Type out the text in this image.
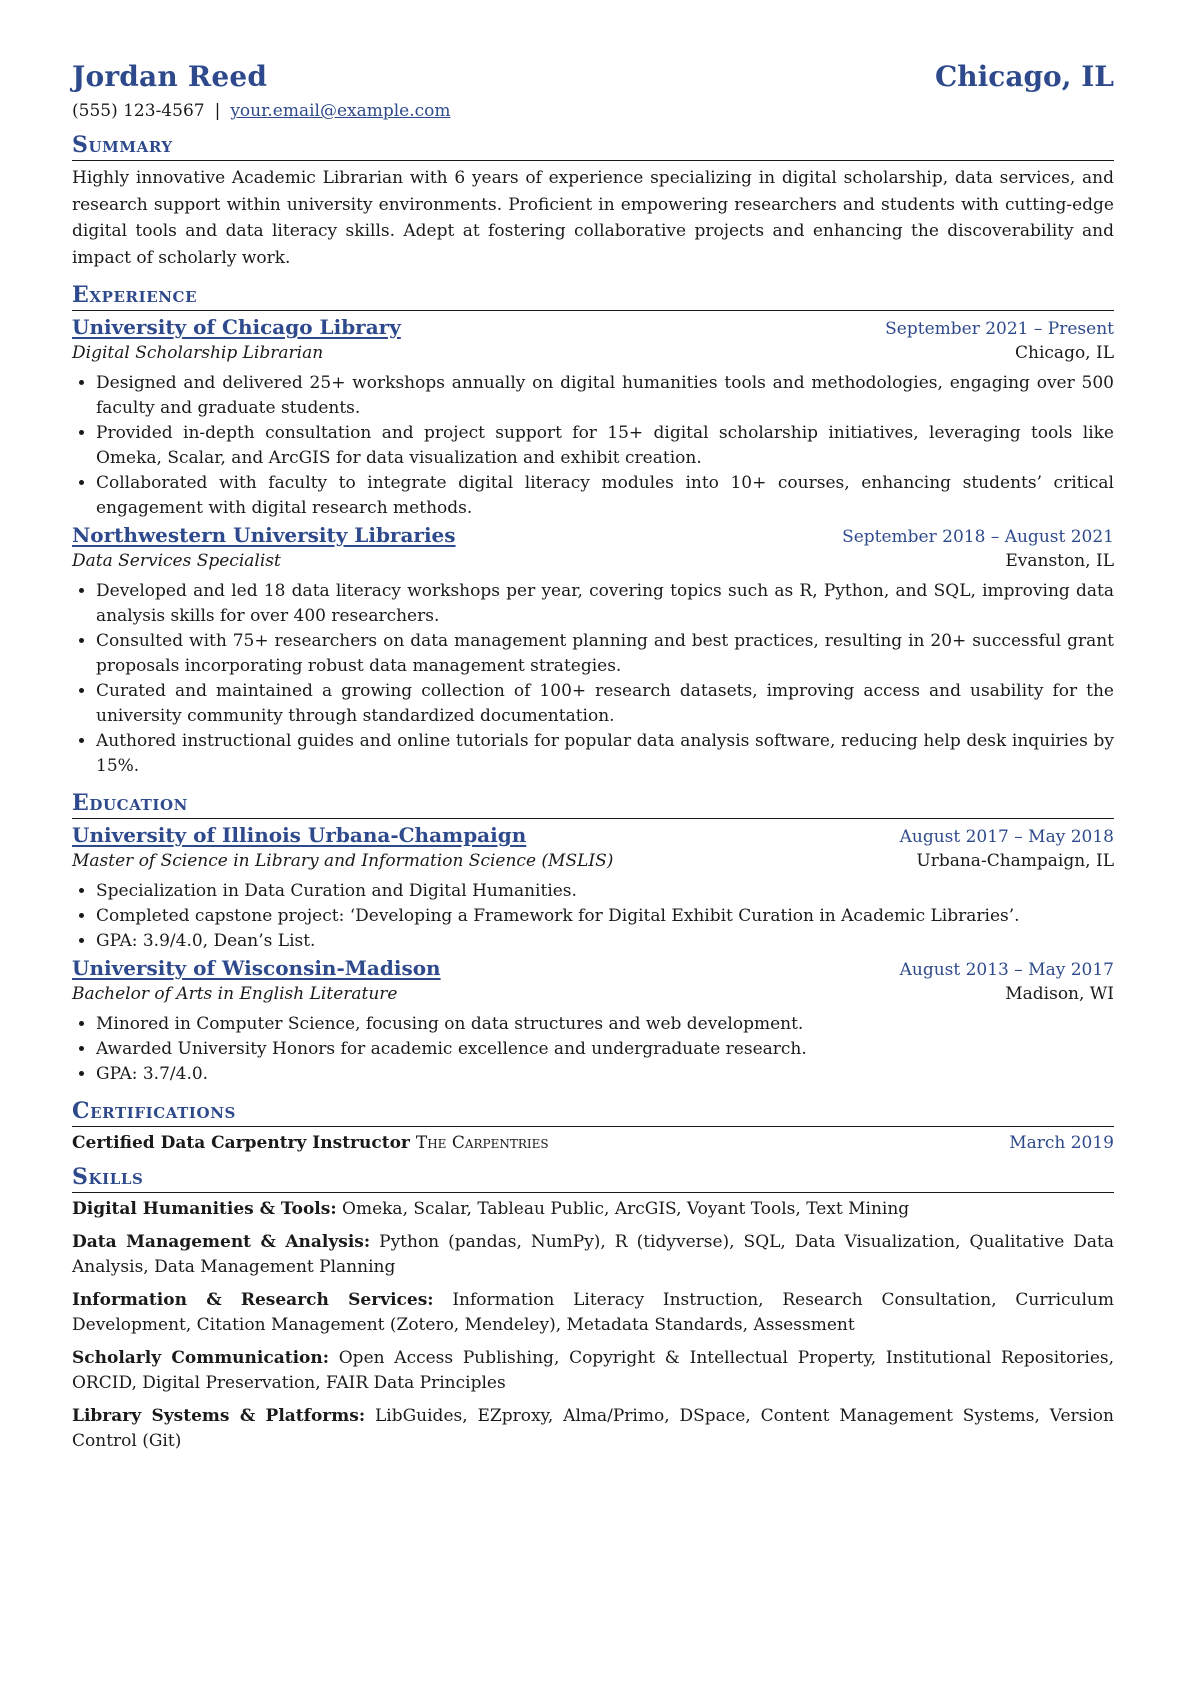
Jordan Reed	Chicago, IL
(555) 123-4567 | your.email@example.com
Summary
Highly innovative Academic Librarian with 6 years of experience specializing in digital scholarship, data services, and research support within university environments. Proficient in empowering researchers and students with cutting-edge digital tools and data literacy skills. Adept at fostering collaborative projects and enhancing the discoverability and impact of scholarly work.
Experience
University of Chicago Library	September 2021 – Present
Digital Scholarship Librarian	Chicago, IL
• Designed and delivered 25+ workshops annually on digital humanities tools and methodologies, engaging over 500 faculty and graduate students.
• Provided in-depth consultation and project support for 15+ digital scholarship initiatives, leveraging tools like Omeka, Scalar, and ArcGIS for data visualization and exhibit creation.
• Collaborated with faculty to integrate digital literacy modules into 10+ courses, enhancing students’ critical engagement with digital research methods.
Northwestern University Libraries	September 2018 – August 2021
Data Services Specialist	Evanston, IL
• Developed and led 18 data literacy workshops per year, covering topics such as R, Python, and SQL, improving data analysis skills for over 400 researchers.
• Consulted with 75+ researchers on data management planning and best practices, resulting in 20+ successful grant proposals incorporating robust data management strategies.
• Curated and maintained a growing collection of 100+ research datasets, improving access and usability for the university community through standardized documentation.
• Authored instructional guides and online tutorials for popular data analysis software, reducing help desk inquiries by 15%.
Education
University of Illinois Urbana-Champaign	August 2017 – May 2018
Master of Science in Library and Information Science (MSLIS)	Urbana-Champaign, IL
• Specialization in Data Curation and Digital Humanities.
• Completed capstone project: ‘Developing a Framework for Digital Exhibit Curation in Academic Libraries’.
• GPA: 3.9/4.0, Dean’s List.
University of Wisconsin-Madison	August 2013 – May 2017
Bachelor of Arts in English Literature	Madison, WI
• Minored in Computer Science, focusing on data structures and web development.
• Awarded University Honors for academic excellence and undergraduate research.
• GPA: 3.7/4.0.
Certifications
Certified Data Carpentry Instructor The Carpentries	March 2019
Skills
Digital Humanities & Tools: Omeka, Scalar, Tableau Public, ArcGIS, Voyant Tools, Text Mining
Data Management & Analysis: Python (pandas, NumPy), R (tidyverse), SQL, Data Visualization, Qualitative Data Analysis, Data Management Planning
Information & Research Services: Information Literacy Instruction, Research Consultation, Curriculum Development, Citation Management (Zotero, Mendeley), Metadata Standards, Assessment
Scholarly Communication: Open Access Publishing, Copyright & Intellectual Property, Institutional Repositories, ORCID, Digital Preservation, FAIR Data Principles
Library Systems & Platforms: LibGuides, EZproxy, Alma/Primo, DSpace, Content Management Systems, Version Control (Git)
